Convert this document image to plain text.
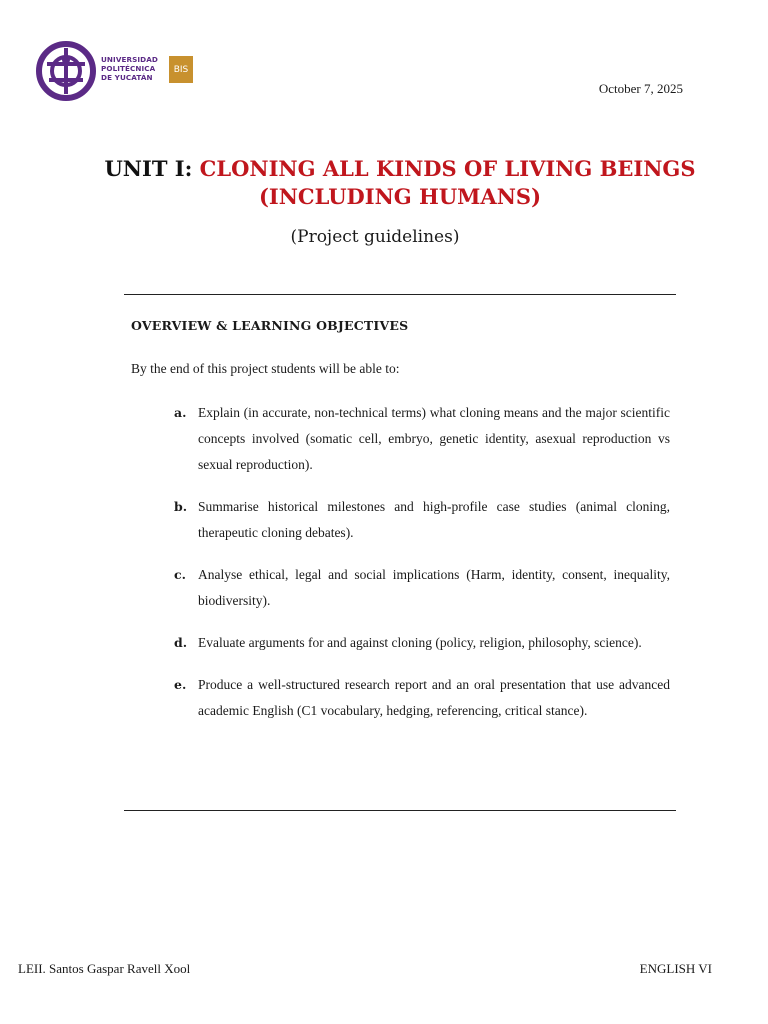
UNIVERSIDAD
POLITÉCNICA
DE YUCATÁN
BIS
October 7, 2025
UNIT I: CLONING ALL KINDS OF LIVING BEINGS
(INCLUDING HUMANS)
(Project guidelines)
OVERVIEW & LEARNING OBJECTIVES
By the end of this project students will be able to:
a. Explain (in accurate, non-technical terms) what cloning means and the major scientific concepts involved (somatic cell, embryo, genetic identity, asexual reproduction vs sexual reproduction).
b. Summarise historical milestones and high-profile case studies (animal cloning, therapeutic cloning debates).
c. Analyse ethical, legal and social implications (Harm, identity, consent, inequality, biodiversity).
d. Evaluate arguments for and against cloning (policy, religion, philosophy, science).
e. Produce a well-structured research report and an oral presentation that use advanced academic English (C1 vocabulary, hedging, referencing, critical stance).
LEII. Santos Gaspar Ravell Xool	ENGLISH VI
